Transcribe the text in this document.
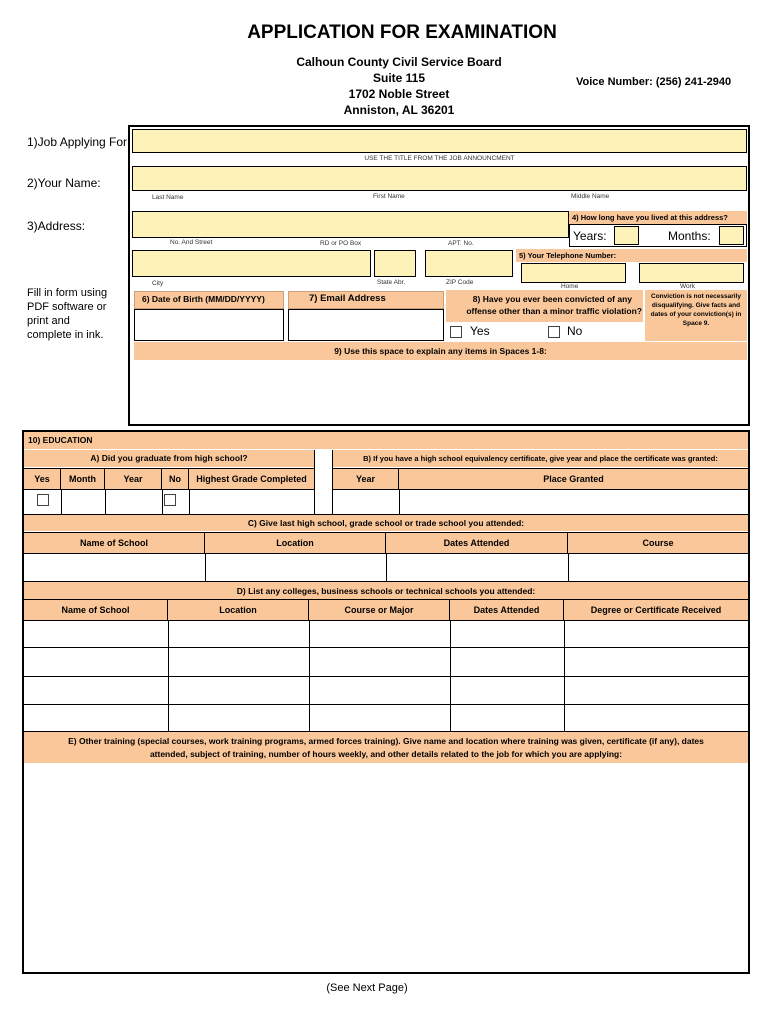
APPLICATION FOR EXAMINATION
Calhoun County Civil Service Board
Suite 115
1702 Noble Street
Anniston, AL 36201
Voice Number: (256) 241-2940
1)Job Applying For:
USE THE TITLE FROM THE JOB ANNOUNCMENT
2)Your Name:
Last Name	First Name	Middle Name
3)Address:
No. And Street	RD or PO Box	APT. No.
City	State Abr.	ZIP Code
4) How long have you lived at this address?
Years:	Months:
5) Your Telephone Number:
Home	Work
Fill in form using
PDF software or
print and
complete in ink.
6) Date of Birth (MM/DD/YYYY)	7) Email Address	8) Have you ever been convicted of any
offense other than a minor traffic violation?
Conviction is not necessarily
disqualifying. Give facts and
dates of your conviction(s) in
Space 9.
Yes	No
9) Use this space to explain any items in Spaces 1-8:
10) EDUCATION
A) Did you graduate from high school?
Yes	Month	Year	No	Highest Grade Completed
B) If you have a high school equivalency certificate, give year and place the certificate was granted:
Year	Place Granted
C) Give last high school, grade school or trade school you attended:
Name of School	Location	Dates Attended	Course
D) List any colleges, business schools or technical schools you attended:
Name of School	Location	Course or Major	Dates Attended	Degree or Certificate Received
E) Other training (special courses, work training programs, armed forces training). Give name and location where training was given, certificate (if any), dates
attended, subject of training, number of hours weekly, and other details related to the job for which you are applying:
(See Next Page)
